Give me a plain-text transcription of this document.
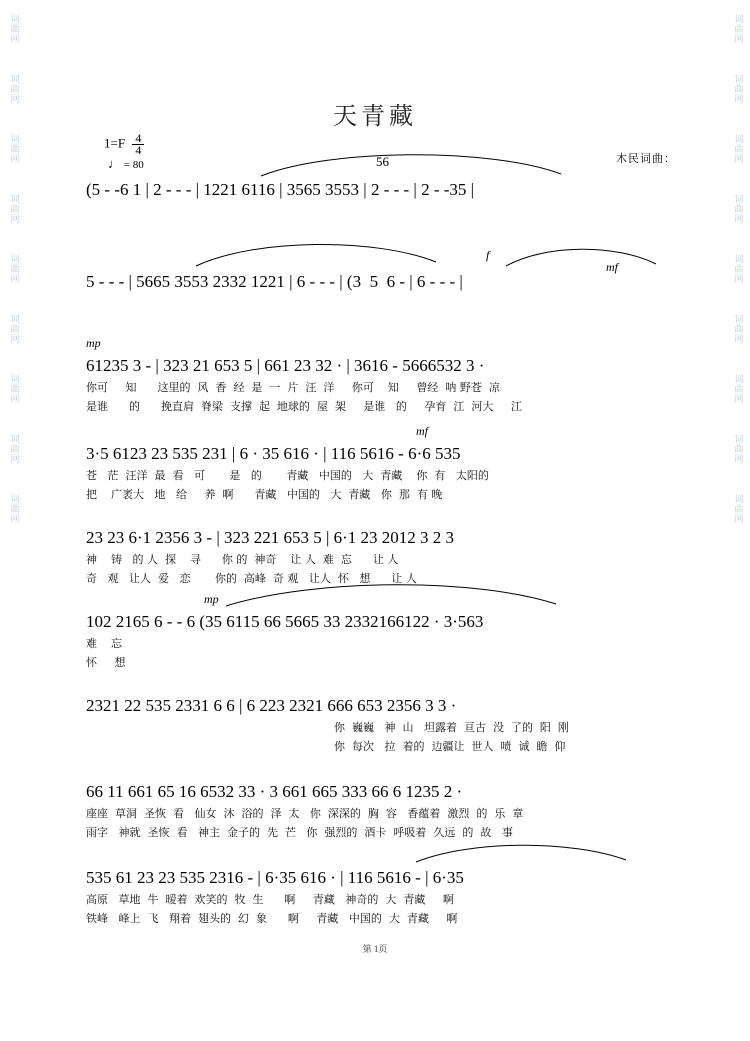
词曲网
词曲网
词曲网
词曲网
词曲网
词曲网
词曲网
词曲网
词曲网
词曲网
词曲网
词曲网
词曲网
词曲网
词曲网
词曲网
词曲网
词曲网
天青藏
$1=F \frac{4}{4}$
♩ = 80	木民词曲：
56
(5 - -6 1 | 2 - - - | 1221 6116 | 3565 3553 | 2 - - - | 2 - -35 |
f
mf
5 - - - | 5665 3553 2332 1221 | 6 - - - | (3  5  6 - | 6 - - - |
mp
61235 3 - | 323 21 653 5 | 661 23 32 · | 3616 - 5666532 3 ·
你可     知      这里的  风  香  经  是  一  片  汪  洋     你可    知     曾经  呐 野苍  凉
是谁      的      挽直肩  脊梁  支撑  起  地球的  屋  架     是谁   的     孕育  江  河大     江
mf
3·5 6123 23 535 231 | 6 · 35 616 · | 116 5616 - 6·6 535
苍   茫  汪洋  最  看   可       是   的       青藏   中国的   大  青藏    你  有   太阳的
把    广袤大   地   给     养  啊      青藏   中国的   大  青藏   你  那  有 晚
23 23 6·1 2356 3 - | 323 221 653 5 | 6·1 23 2012 3 2 3
神    铸   的 人  探    寻      你 的  神奇    让 人  难  忘      让 人
奇   观   让人  爱   恋       你的  高峰  奇 观   让人  怀   想      让 人
mp
102 2165 6 - - 6 (35 6115 66 5665 33 2332166122 · 3·563
难    忘
怀     想
2321 22 535 2331 6 6 | 6 223 2321 666 653 2356 3 3 ·
你  巍巍   神  山   坦露着  亘古  没  了的  阳  刚
你  每次   拉  着的  边疆让  世人  喷  诚  瞻  仰
66 11 661 65 16 6532 33 · 3 661 665 333 66 6 1235 2 ·
座座  草洞  圣恢  看   仙女  沐  浴的  泽  太   你  深深的  胸  容   香蕴着  激烈  的  乐  章
雨字   神就  圣恢  看   神主  金子的  先  芒   你  强烈的  酒卡  呼吸着  久远  的  故   事
535 61 23 23 535 2316 - | 6·35 616 · | 116 5616 - | 6·35
高原   草地  牛  暧着  欢笑的  牧  生      啊     青藏   神奇的  大  青藏     啊
铁峰   峰上  飞   翔着  翅头的  幻  象      啊     青藏   中国的  大  青藏     啊
第 1页
